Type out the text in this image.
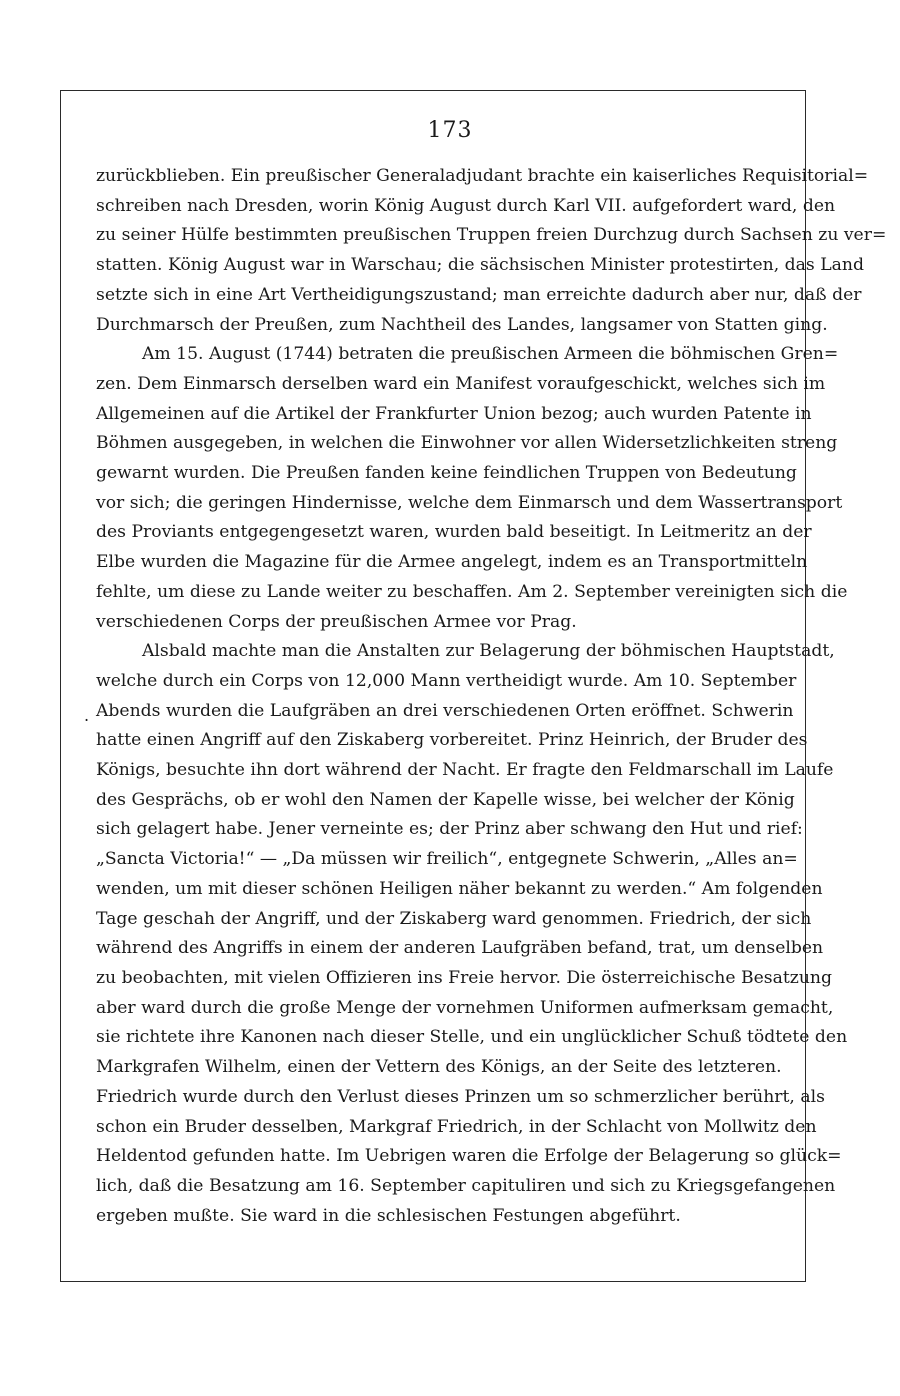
173
.

zurückblieben. Ein preußischer Generaladjudant brachte ein kaiserliches Requisitorial=
schreiben nach Dresden, worin König August durch Karl VII. aufgefordert ward, den
zu seiner Hülfe bestimmten preußischen Truppen freien Durchzug durch Sachsen zu ver=
statten. König August war in Warschau; die sächsischen Minister protestirten, das Land
setzte sich in eine Art Vertheidigungszustand; man erreichte dadurch aber nur, daß der
Durchmarsch der Preußen, zum Nachtheil des Landes, langsamer von Statten ging.

Am 15. August (1744) betraten die preußischen Armeen die böhmischen Gren=
zen. Dem Einmarsch derselben ward ein Manifest voraufgeschickt, welches sich im
Allgemeinen auf die Artikel der Frankfurter Union bezog; auch wurden Patente in
Böhmen ausgegeben, in welchen die Einwohner vor allen Widersetzlichkeiten streng
gewarnt wurden. Die Preußen fanden keine feindlichen Truppen von Bedeutung
vor sich; die geringen Hindernisse, welche dem Einmarsch und dem Wassertransport
des Proviants entgegengesetzt waren, wurden bald beseitigt. In Leitmeritz an der
Elbe wurden die Magazine für die Armee angelegt, indem es an Transportmitteln
fehlte, um diese zu Lande weiter zu beschaffen. Am 2. September vereinigten sich die
verschiedenen Corps der preußischen Armee vor Prag.

Alsbald machte man die Anstalten zur Belagerung der böhmischen Hauptstadt,
welche durch ein Corps von 12,000 Mann vertheidigt wurde. Am 10. September
Abends wurden die Laufgräben an drei verschiedenen Orten eröffnet. Schwerin
hatte einen Angriff auf den Ziskaberg vorbereitet. Prinz Heinrich, der Bruder des
Königs, besuchte ihn dort während der Nacht. Er fragte den Feldmarschall im Laufe
des Gesprächs, ob er wohl den Namen der Kapelle wisse, bei welcher der König
sich gelagert habe. Jener verneinte es; der Prinz aber schwang den Hut und rief:
„Sancta Victoria!“ — „Da müssen wir freilich“, entgegnete Schwerin, „Alles an=
wenden, um mit dieser schönen Heiligen näher bekannt zu werden.“ Am folgenden
Tage geschah der Angriff, und der Ziskaberg ward genommen. Friedrich, der sich
während des Angriffs in einem der anderen Laufgräben befand, trat, um denselben
zu beobachten, mit vielen Offizieren ins Freie hervor. Die österreichische Besatzung
aber ward durch die große Menge der vornehmen Uniformen aufmerksam gemacht,
sie richtete ihre Kanonen nach dieser Stelle, und ein unglücklicher Schuß tödtete den
Markgrafen Wilhelm, einen der Vettern des Königs, an der Seite des letzteren.
Friedrich wurde durch den Verlust dieses Prinzen um so schmerzlicher berührt, als
schon ein Bruder desselben, Markgraf Friedrich, in der Schlacht von Mollwitz den
Heldentod gefunden hatte. Im Uebrigen waren die Erfolge der Belagerung so glück=
lich, daß die Besatzung am 16. September capituliren und sich zu Kriegsgefangenen
ergeben mußte. Sie ward in die schlesischen Festungen abgeführt.
